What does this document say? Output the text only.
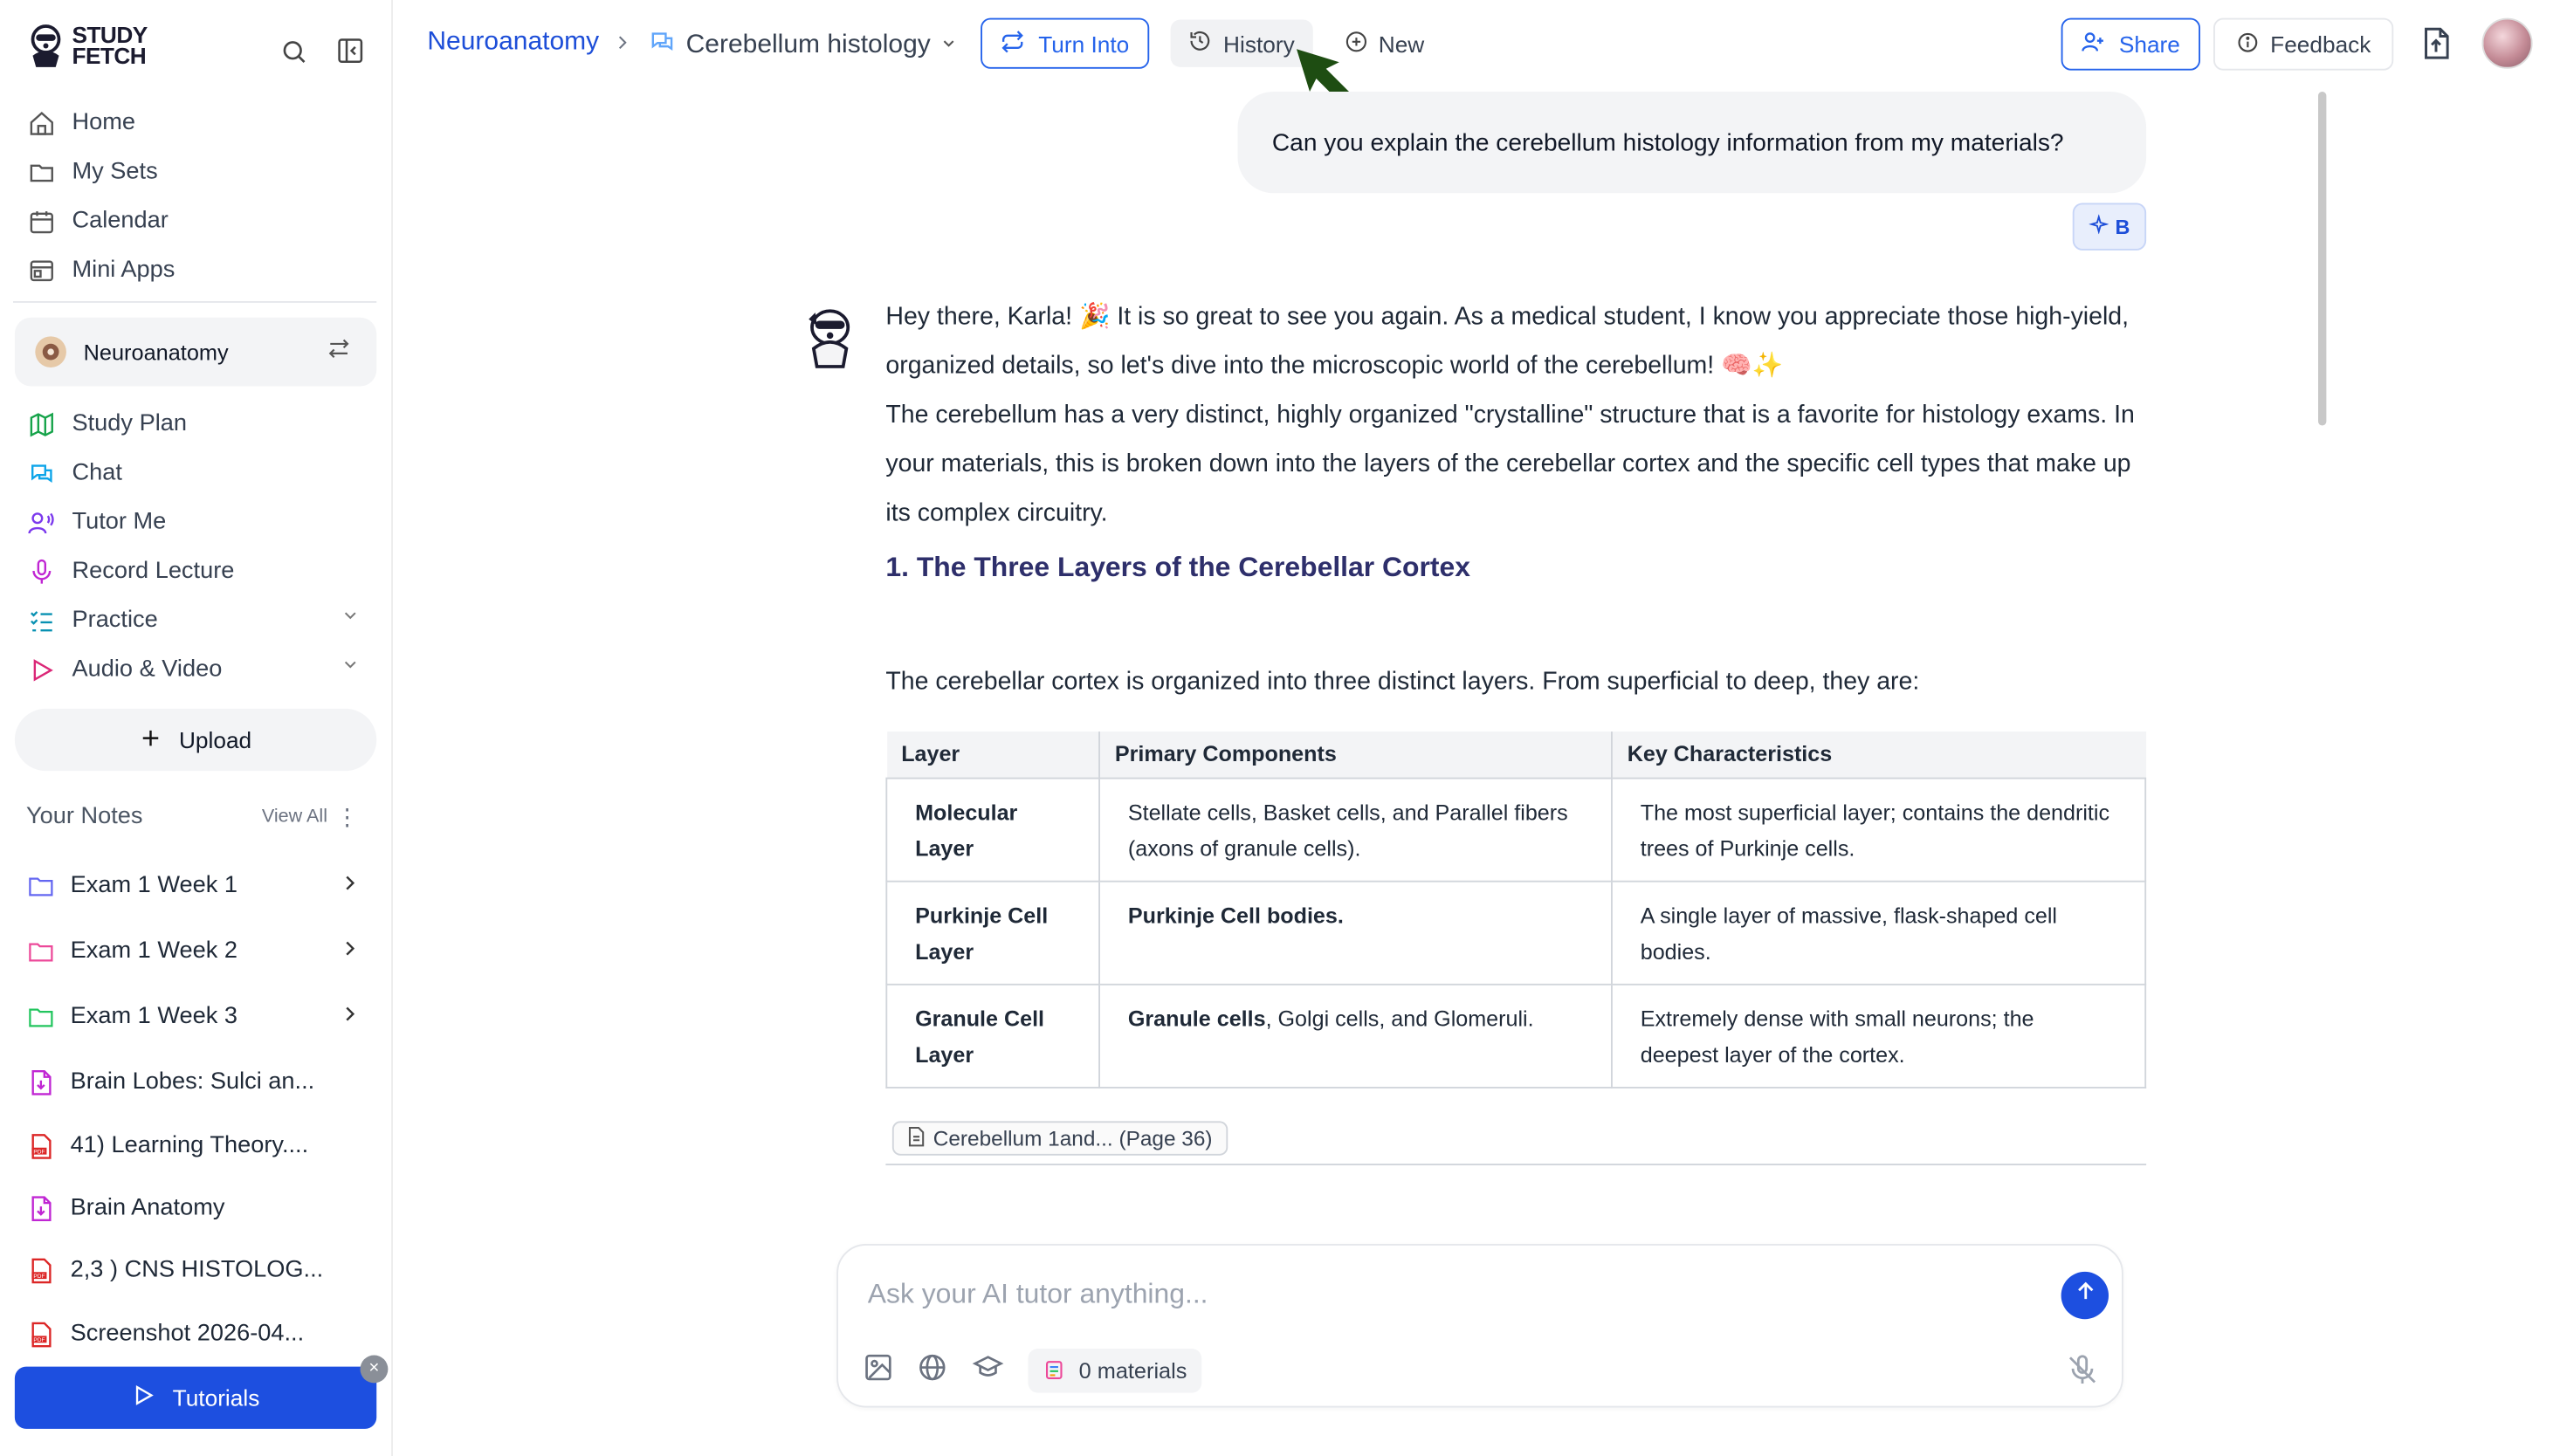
STUDY
FETCH
Home
My Sets
Calendar
Mini Apps
Neuroanatomy
Study Plan
Chat
Tutor Me
Record Lecture
Practice
Audio & Video
Upload
Your Notes	View All ⋮
Exam 1 Week 1
Exam 1 Week 2
Exam 1 Week 3
Brain Lobes: Sulci an...
PDF 41) Learning Theory....
Brain Anatomy
PDF 2,3 ) CNS HISTOLOG...
PDF Screenshot 2026-04...
Tutorials
×
Neuroanatomy	Cerebellum histology	Turn Into	History	New	Share	Feedback
Can you explain the cerebellum histology information from my materials?
B

Hey there, Karla! 🎉 It is so great to see you again. As a medical student, I know you appreciate those high-yield, organized details, so let's dive into the microscopic world of the cerebellum! 🧠✨

The cerebellum has a very distinct, highly organized "crystalline" structure that is a favorite for histology exams. In your materials, this is broken down into the layers of the cerebellar cortex and the specific cell types that make up its complex circuitry.

1. The Three Layers of the Cerebellar Cortex

The cerebellar cortex is organized into three distinct layers. From superficial to deep, they are:

Layer	Primary Components	Key Characteristics
Molecular Layer	Stellate cells, Basket cells, and Parallel fibers (axons of granule cells).	The most superficial layer; contains the dendritic trees of Purkinje cells.
Purkinje Cell Layer	Purkinje Cell bodies.	A single layer of massive, flask-shaped cell bodies.
Granule Cell Layer	Granule cells, Golgi cells, and Glomeruli.	Extremely dense with small neurons; the deepest layer of the cortex.
Cerebellum 1and... (Page 36)
Ask your AI tutor anything...
0 materials
